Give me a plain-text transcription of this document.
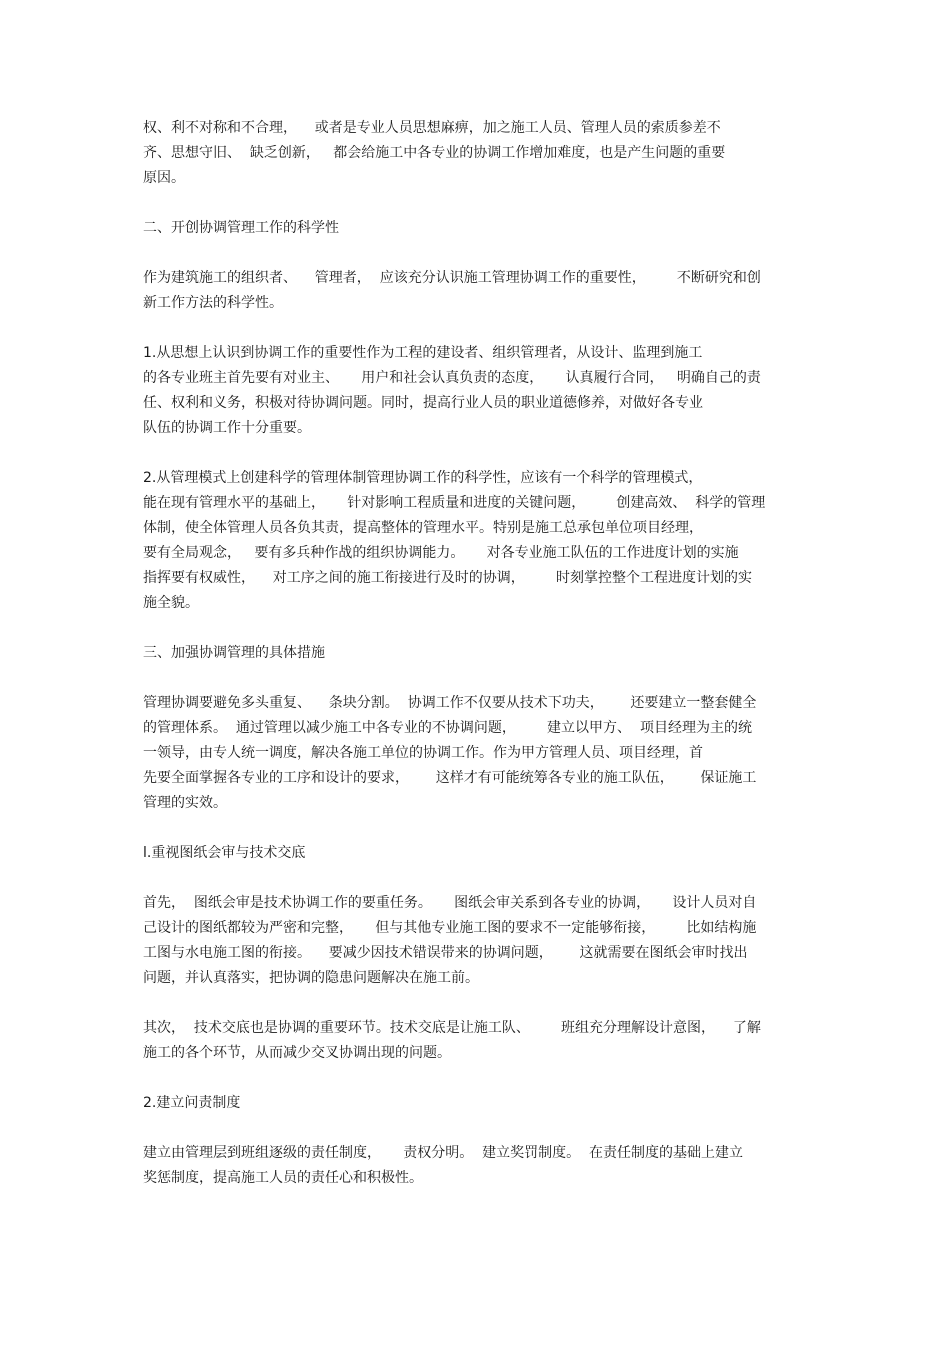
权、利不对称和不合理，    或者是专业人员思想麻痹，加之施工人员、管理人员的索质参差不

齐、思想守旧、  缺乏创新，   都会给施工中各专业的协调工作增加难度，也是产生问题的重要

原因。

二、开创协调管理工作的科学性

作为建筑施工的组织者、    管理者，  应该充分认识施工管理协调工作的重要性，       不断研究和创

新工作方法的科学性。

1.从思想上认识到协调工作的重要性作为工程的建设者、组织管理者，从设计、监理到施工

的各专业班主首先要有对业主、     用户和社会认真负责的态度，     认真履行合同，   明确自己的责

任、权利和义务，积极对待协调问题。同时，提高行业人员的职业道德修养，对做好各专业

队伍的协调工作十分重要。

2.从管理模式上创建科学的管理体制管理协调工作的科学性，应该有一个科学的管理模式，

能在现有管理水平的基础上，     针对影响工程质量和进度的关键问题，       创建高效、  科学的管理

体制，使全体管理人员各负其责，提高整体的管理水平。特别是施工总承包单位项目经理，

要有全局观念，   要有多兵种作战的组织协调能力。     对各专业施工队伍的工作进度计划的实施

指挥要有权威性，    对工序之间的施工衔接进行及时的协调，       时刻掌控整个工程进度计划的实

施全貌。

三、加强协调管理的具体措施

管理协调要避免多头重复、    条块分割。  协调工作不仅要从技术下功夫，      还要建立一整套健全

的管理体系。  通过管理以减少施工中各专业的不协调问题，       建立以甲方、  项目经理为主的统

一领导，由专人统一调度，解决各施工单位的协调工作。作为甲方管理人员、项目经理，首

先要全面掌握各专业的工序和设计的要求，      这样才有可能统筹各专业的施工队伍，      保证施工

管理的实效。

l.重视图纸会审与技术交底

首先，  图纸会审是技术协调工作的要重任务。     图纸会审关系到各专业的协调，     设计人员对自

己设计的图纸都较为严密和完整，     但与其他专业施工图的要求不一定能够衔接，       比如结构施

工图与水电施工图的衔接。    要减少因技术错误带来的协调问题，      这就需要在图纸会审时找出

问题，并认真落实，把协调的隐患问题解决在施工前。

其次，  技术交底也是协调的重要环节。技术交底是让施工队、       班组充分理解设计意图，    了解

施工的各个环节，从而减少交叉协调出现的问题。

2.建立问责制度

建立由管理层到班组逐级的责任制度，     责权分明。  建立奖罚制度。  在责任制度的基础上建立

奖惩制度，提高施工人员的责任心和积极性。
